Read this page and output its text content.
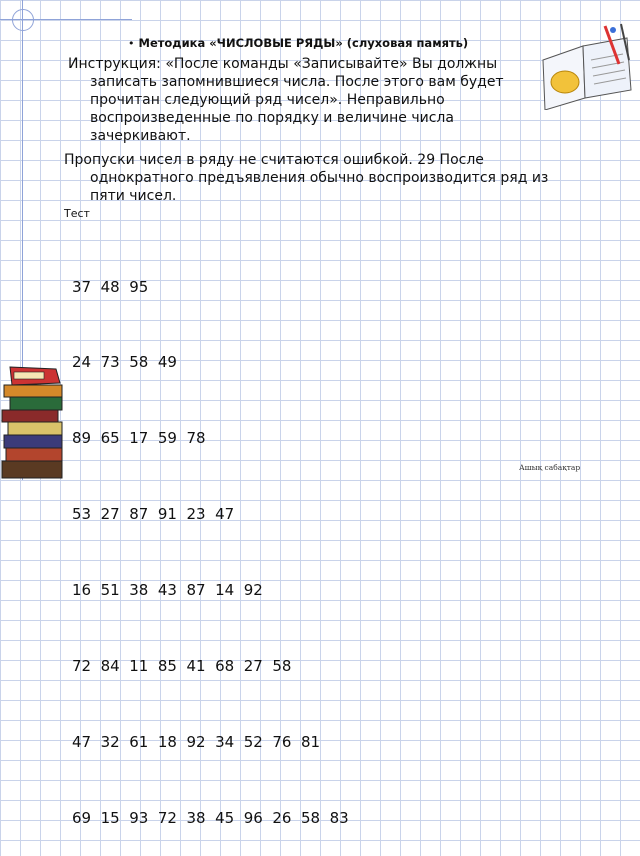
• Методика «ЧИСЛОВЫЕ РЯДЫ» (слуховая память)
Инструкция: «После команды «Записывайте» Вы должны
записать запомнившиеся числа. После этого вам будет
прочитан следующий ряд чисел». Неправильно
воспроизведенные по порядку и величине числа
зачеркивают.
Пропуски чисел в ряду не считаются ошибкой. 29 После
однократного предъявления обычно воспроизводится ряд из
пяти чисел.
Тест

37  48  95

24  73  58  49

89  65  17  59  78

53  27  87  91  23  47

16  51  38  43  87  14  92

72  84  11  85  41  68  27  58

47  32  61  18  92  34  52  76  81

69  15  93  72  38  45  96  26  58  83

Ашық сабақтар
